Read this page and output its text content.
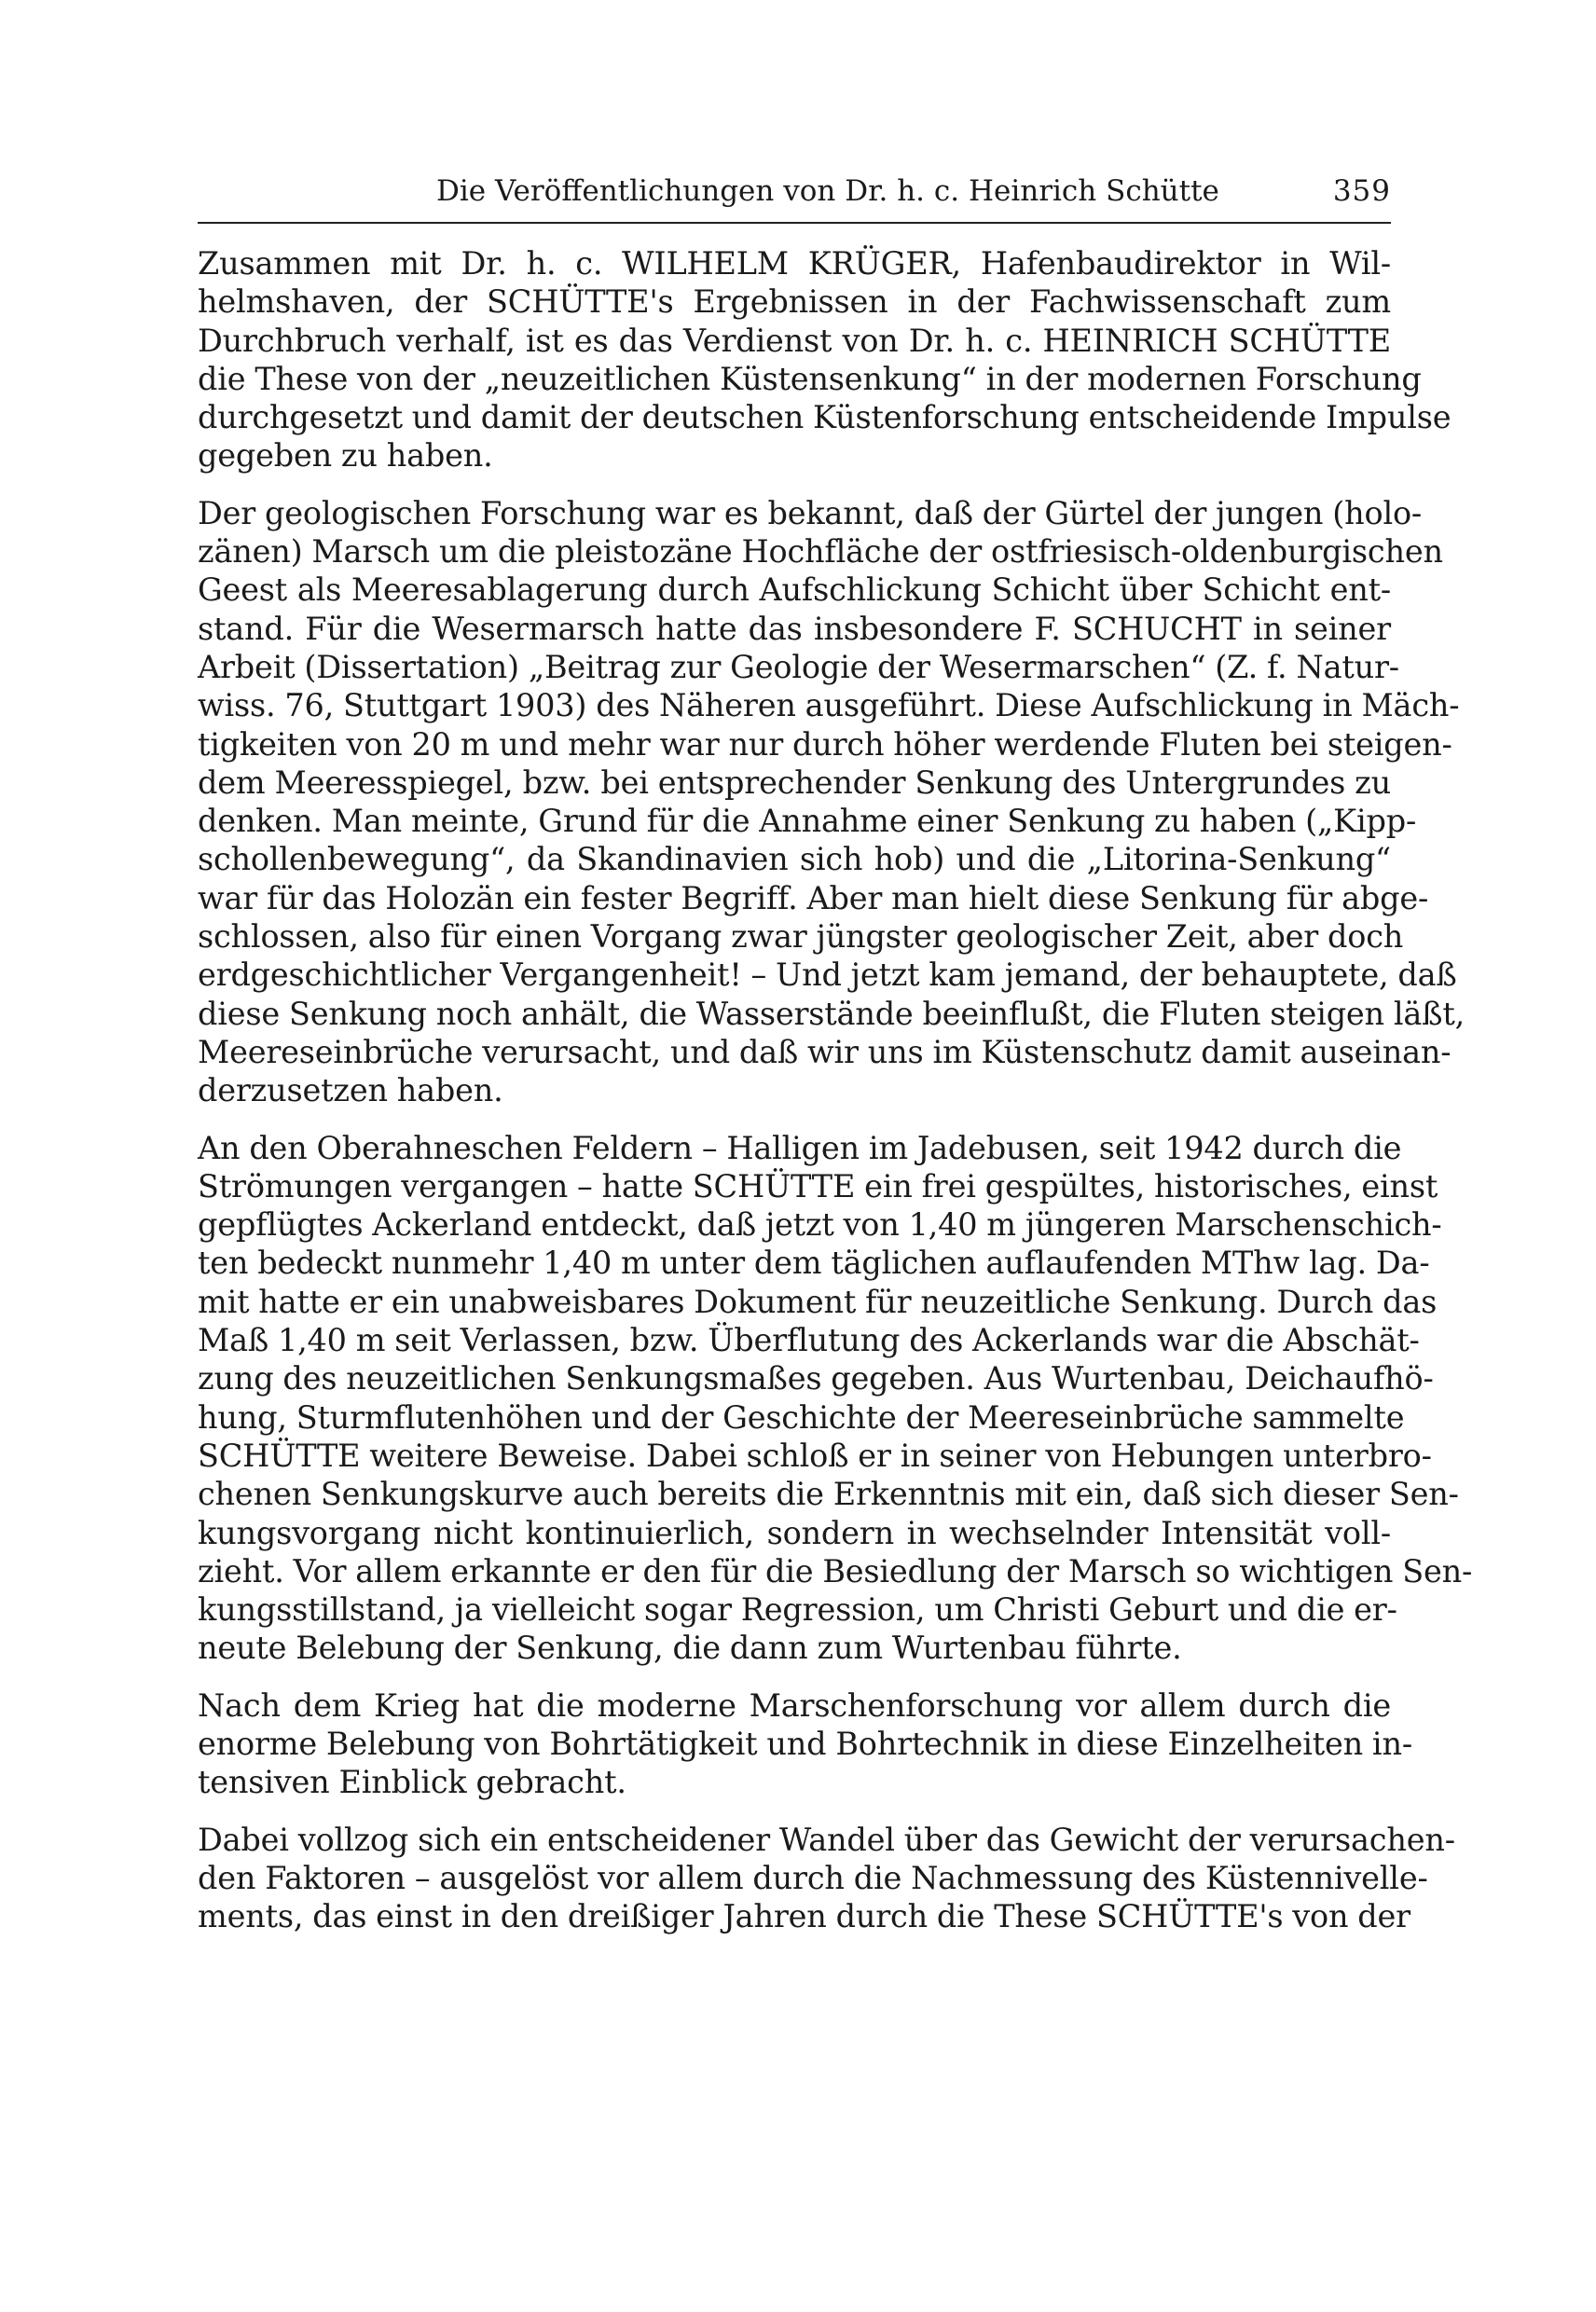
Die Veröffentlichungen von Dr. h. c. Heinrich Schütte	359

Zusammen mit Dr. h. c. WILHELM KRÜGER, Hafenbaudirektor in Wil-
helmshaven, der SCHÜTTE's Ergebnissen in der Fachwissenschaft zum
Durchbruch verhalf, ist es das Verdienst von Dr. h. c. HEINRICH SCHÜTTE
die These von der „neuzeitlichen Küstensenkung“ in der modernen Forschung
durchgesetzt und damit der deutschen Küstenforschung entscheidende Impulse
gegeben zu haben.

Der geologischen Forschung war es bekannt, daß der Gürtel der jungen (holo-
zänen) Marsch um die pleistozäne Hochfläche der ostfriesisch-oldenburgischen
Geest als Meeresablagerung durch Aufschlickung Schicht über Schicht ent-
stand. Für die Wesermarsch hatte das insbesondere F. SCHUCHT in seiner
Arbeit (Dissertation) „Beitrag zur Geologie der Wesermarschen“ (Z. f. Natur-
wiss. 76, Stuttgart 1903) des Näheren ausgeführt. Diese Aufschlickung in Mäch-
tigkeiten von 20 m und mehr war nur durch höher werdende Fluten bei steigen-
dem Meeresspiegel, bzw. bei entsprechender Senkung des Untergrundes zu
denken. Man meinte, Grund für die Annahme einer Senkung zu haben („Kipp-
schollenbewegung“, da Skandinavien sich hob) und die „Litorina-Senkung“
war für das Holozän ein fester Begriff. Aber man hielt diese Senkung für abge-
schlossen, also für einen Vorgang zwar jüngster geologischer Zeit, aber doch
erdgeschichtlicher Vergangenheit! – Und jetzt kam jemand, der behauptete, daß
diese Senkung noch anhält, die Wasserstände beeinflußt, die Fluten steigen läßt,
Meereseinbrüche verursacht, und daß wir uns im Küstenschutz damit auseinan-
derzusetzen haben.

An den Oberahneschen Feldern – Halligen im Jadebusen, seit 1942 durch die
Strömungen vergangen – hatte SCHÜTTE ein frei gespültes, historisches, einst
gepflügtes Ackerland entdeckt, daß jetzt von 1,40 m jüngeren Marschenschich-
ten bedeckt nunmehr 1,40 m unter dem täglichen auflaufenden MThw lag. Da-
mit hatte er ein unabweisbares Dokument für neuzeitliche Senkung. Durch das
Maß 1,40 m seit Verlassen, bzw. Überflutung des Ackerlands war die Abschät-
zung des neuzeitlichen Senkungsmaßes gegeben. Aus Wurtenbau, Deichaufhö-
hung, Sturmflutenhöhen und der Geschichte der Meereseinbrüche sammelte
SCHÜTTE weitere Beweise. Dabei schloß er in seiner von Hebungen unterbro-
chenen Senkungskurve auch bereits die Erkenntnis mit ein, daß sich dieser Sen-
kungsvorgang nicht kontinuierlich, sondern in wechselnder Intensität voll-
zieht. Vor allem erkannte er den für die Besiedlung der Marsch so wichtigen Sen-
kungsstillstand, ja vielleicht sogar Regression, um Christi Geburt und die er-
neute Belebung der Senkung, die dann zum Wurtenbau führte.

Nach dem Krieg hat die moderne Marschenforschung vor allem durch die
enorme Belebung von Bohrtätigkeit und Bohrtechnik in diese Einzelheiten in-
tensiven Einblick gebracht.

Dabei vollzog sich ein entscheidener Wandel über das Gewicht der verursachen-
den Faktoren – ausgelöst vor allem durch die Nachmessung des Küstennivelle-
ments, das einst in den dreißiger Jahren durch die These SCHÜTTE's von der
